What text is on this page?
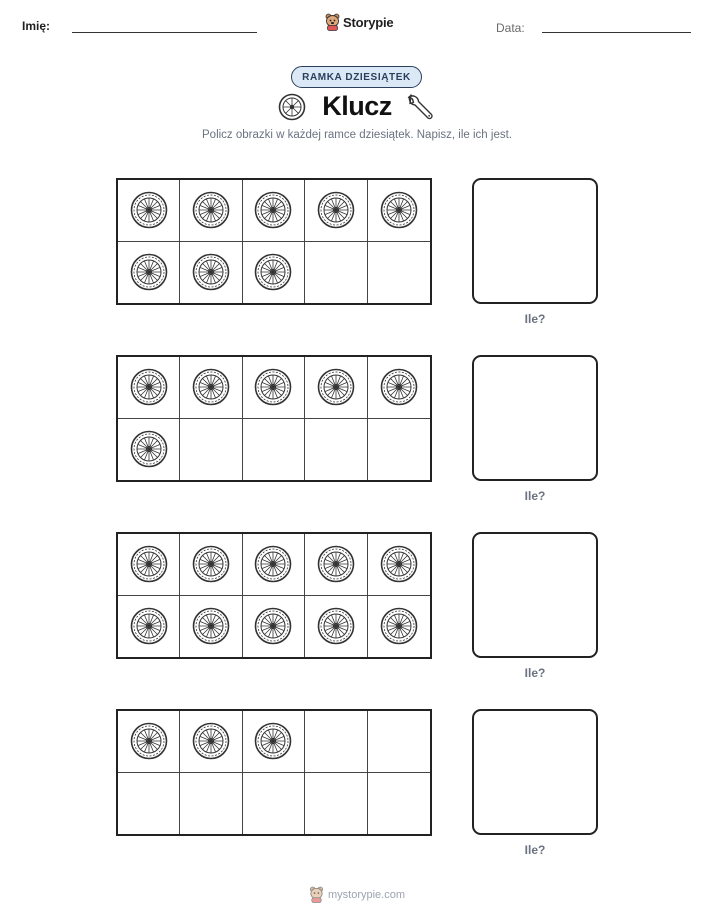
Imię:	Storypie	Data:
RAMKA DZIESIĄTEK
Klucz
Policz obrazki w każdej ramce dziesiątek. Napisz, ile ich jest.
Ile?
Ile?
Ile?
Ile?
mystorypie.com
